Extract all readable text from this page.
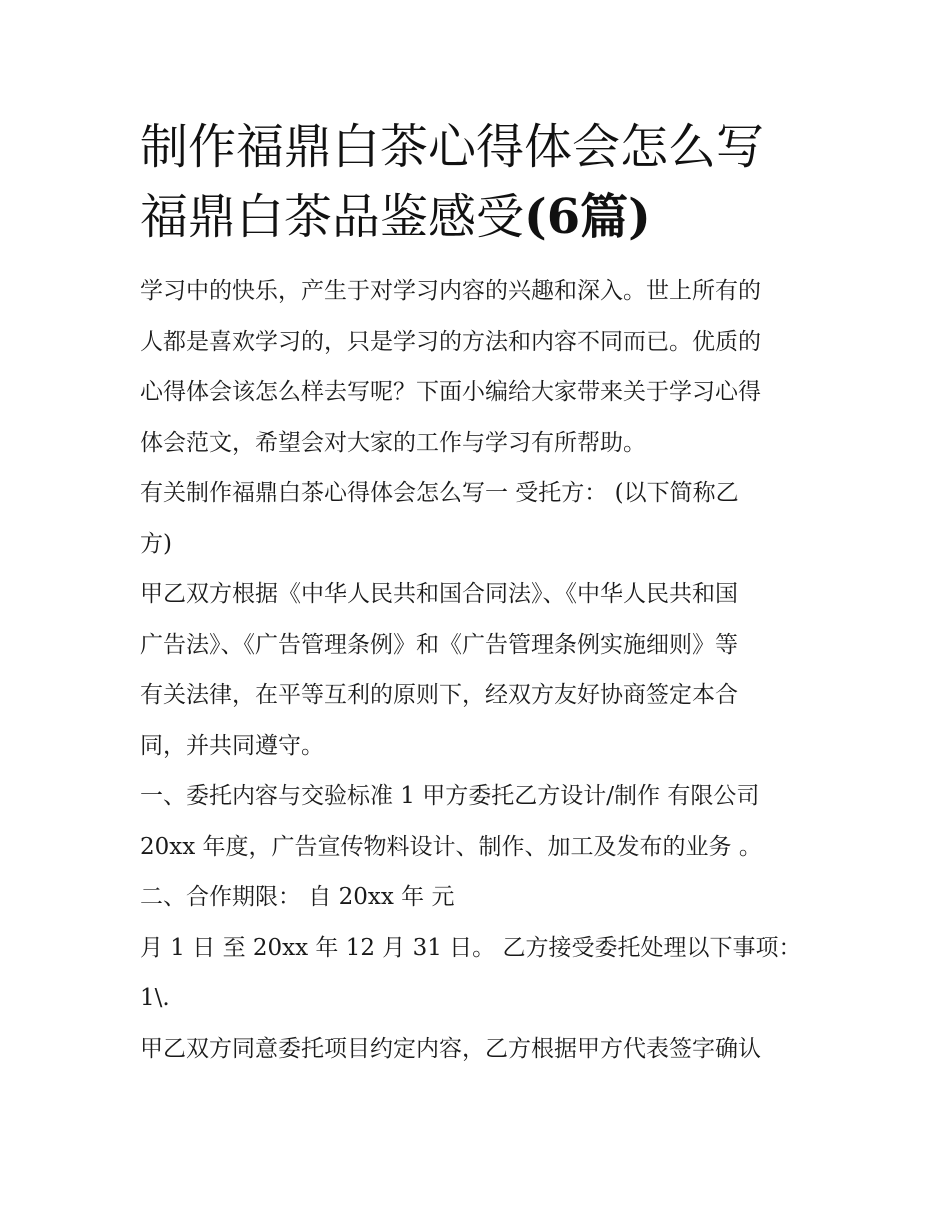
制作福鼎白茶心得体会怎么写
福鼎白茶品鉴感受(6篇)

学习中的快乐，产生于对学习内容的兴趣和深入。世上所有的
人都是喜欢学习的，只是学习的方法和内容不同而已。优质的
心得体会该怎么样去写呢？下面小编给大家带来关于学习心得
体会范文，希望会对大家的工作与学习有所帮助。

有关制作福鼎白茶心得体会怎么写一 受托方： (以下简称乙
方)

甲乙双方根据《中华人民共和国合同法》、《中华人民共和国
广告法》、《广告管理条例》和《广告管理条例实施细则》等
有关法律，在平等互利的原则下，经双方友好协商签定本合
同，并共同遵守。

一、委托内容与交验标准 1 甲方委托乙方设计/制作 有限公司
20xx 年度，广告宣传物料设计、制作、加工及发布的业务 。

二、合作期限： 自 20xx 年 元

月 1 日 至 20xx 年 12 月 31 日。 乙方接受委托处理以下事项：
1\.

甲乙双方同意委托项目约定内容，乙方根据甲方代表签字确认
